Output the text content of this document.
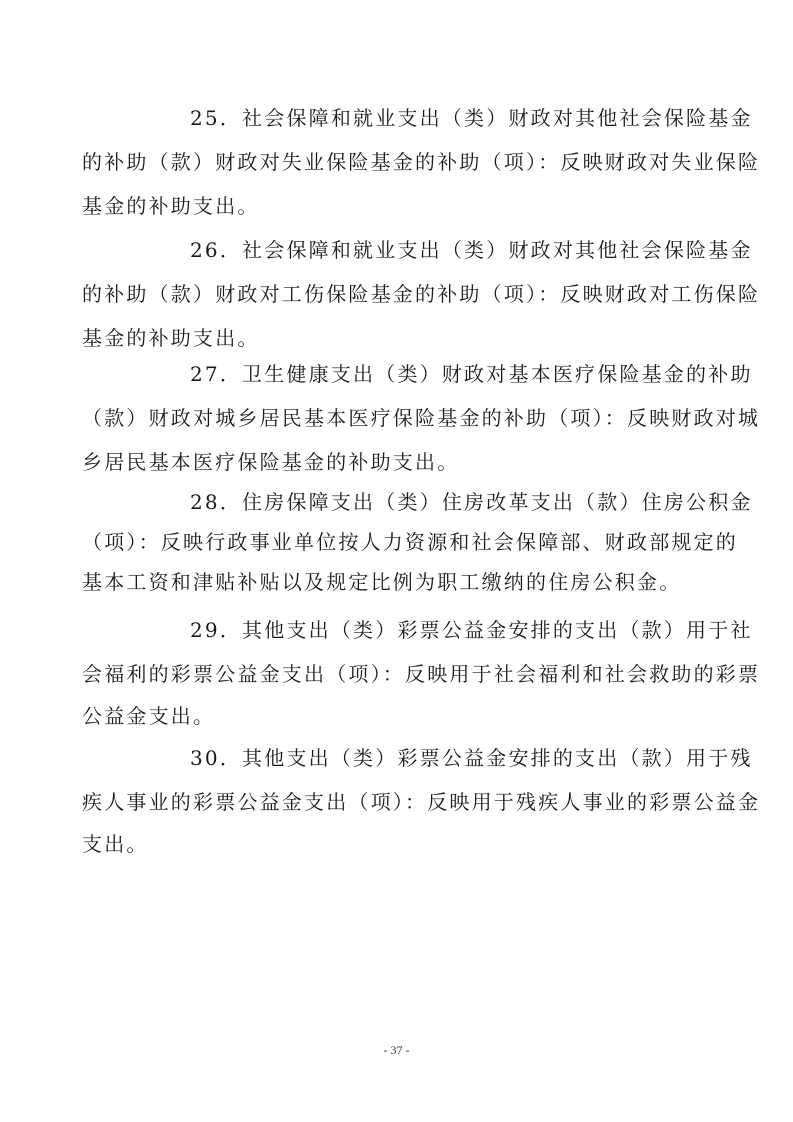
25．社会保障和就业支出（类）财政对其他社会保险基金
的补助（款）财政对失业保险基金的补助（项）：反映财政对失业保险
基金的补助支出。
26．社会保障和就业支出（类）财政对其他社会保险基金
的补助（款）财政对工伤保险基金的补助（项）：反映财政对工伤保险
基金的补助支出。
27．卫生健康支出（类）财政对基本医疗保险基金的补助
（款）财政对城乡居民基本医疗保险基金的补助（项）：反映财政对城
乡居民基本医疗保险基金的补助支出。
28．住房保障支出（类）住房改革支出（款）住房公积金
（项）：反映行政事业单位按人力资源和社会保障部、财政部规定的
基本工资和津贴补贴以及规定比例为职工缴纳的住房公积金。
29．其他支出（类）彩票公益金安排的支出（款）用于社
会福利的彩票公益金支出（项）：反映用于社会福利和社会救助的彩票
公益金支出。
30．其他支出（类）彩票公益金安排的支出（款）用于残
疾人事业的彩票公益金支出（项）：反映用于残疾人事业的彩票公益金
支出。
- 37 -
